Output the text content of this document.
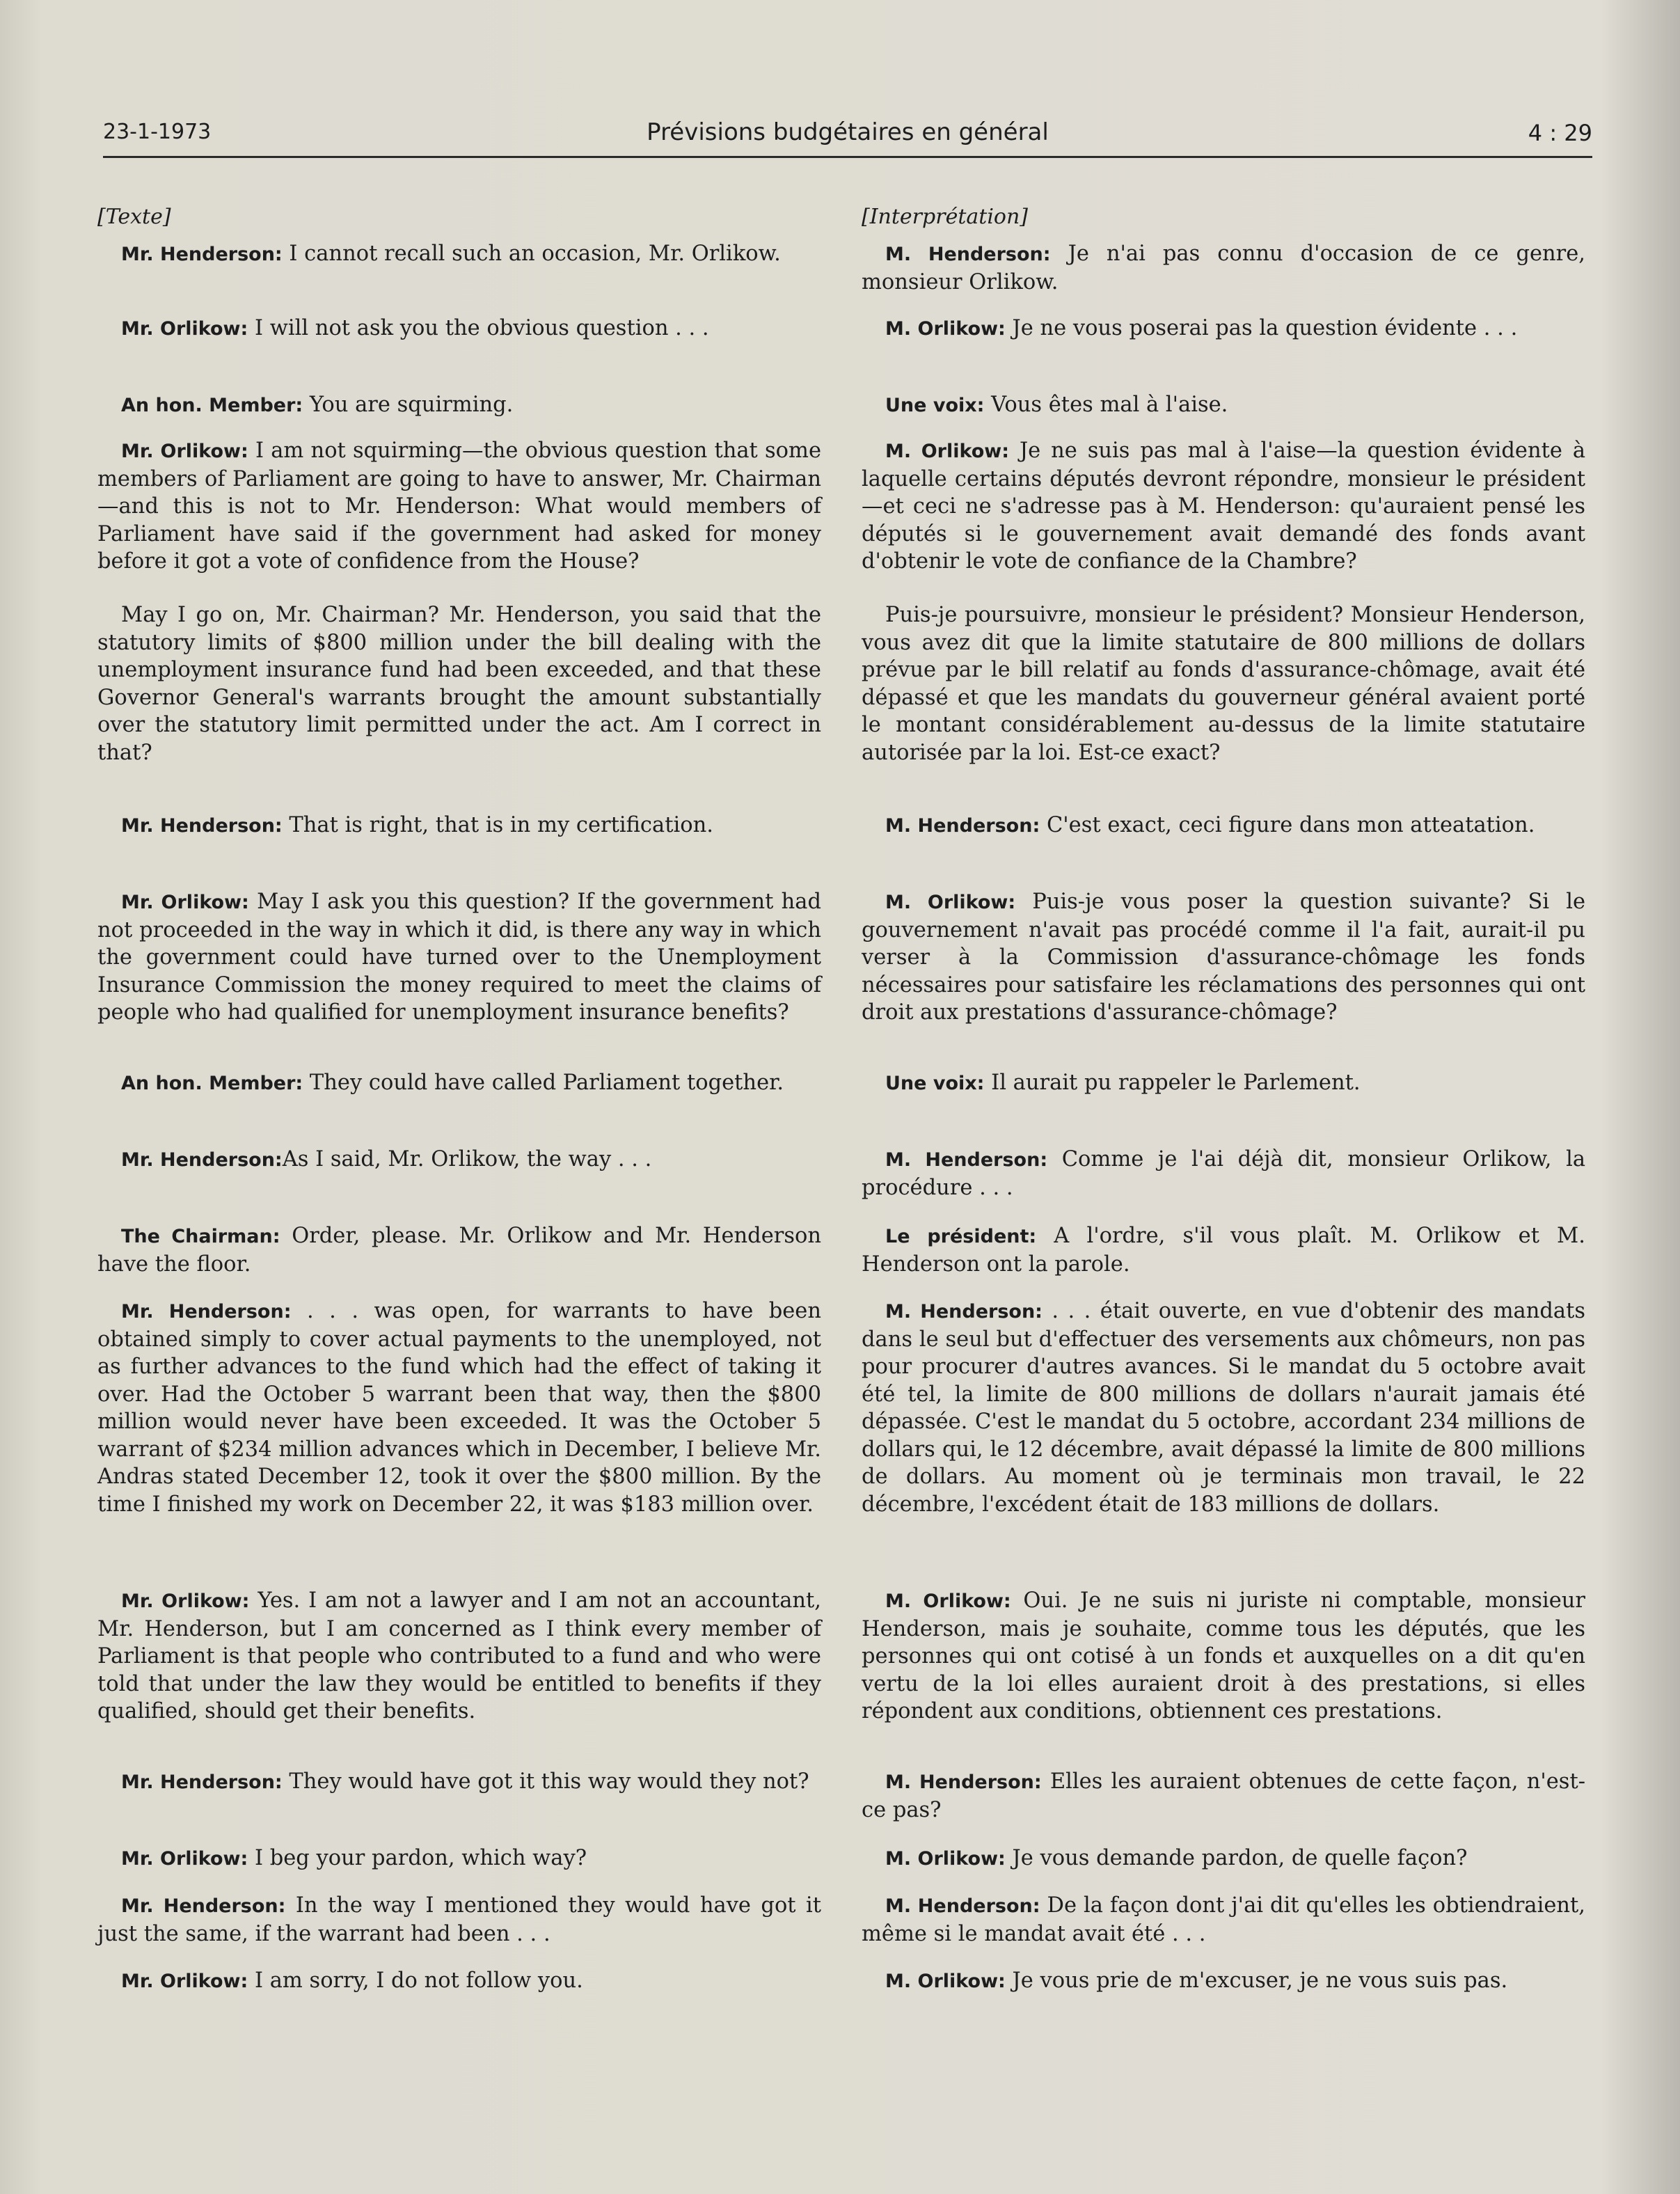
23-1-1973	Prévisions budgétaires en général	4 : 29

[Texte]

Mr. Henderson: I cannot recall such an occasion, Mr. Orlikow.

Mr. Orlikow: I will not ask you the obvious question . . .

An hon. Member: You are squirming.

Mr. Orlikow: I am not squirming—the obvious question that some members of Parliament are going to have to answer, Mr. Chairman—and this is not to Mr. Henderson: What would members of Parliament have said if the government had asked for money before it got a vote of confidence from the House?

May I go on, Mr. Chairman? Mr. Henderson, you said that the statutory limits of $800 million under the bill dealing with the unemployment insurance fund had been exceeded, and that these Governor General's warrants brought the amount substantially over the statutory limit permitted under the act. Am I correct in that?

Mr. Henderson: That is right, that is in my certification.

Mr. Orlikow: May I ask you this question? If the government had not proceeded in the way in which it did, is there any way in which the government could have turned over to the Unemployment Insurance Commission the money required to meet the claims of people who had qualified for unemployment insurance benefits?

An hon. Member: They could have called Parliament together.

Mr. Henderson:As I said, Mr. Orlikow, the way . . .

The Chairman: Order, please. Mr. Orlikow and Mr. Henderson have the floor.

Mr. Henderson: . . . was open, for warrants to have been obtained simply to cover actual payments to the unemployed, not as further advances to the fund which had the effect of taking it over. Had the October 5 warrant been that way, then the $800 million would never have been exceeded. It was the October 5 warrant of $234 million advances which in December, I believe Mr. Andras stated December 12, took it over the $800 million. By the time I finished my work on December 22, it was $183 million over.

Mr. Orlikow: Yes. I am not a lawyer and I am not an accountant, Mr. Henderson, but I am concerned as I think every member of Parliament is that people who contributed to a fund and who were told that under the law they would be entitled to benefits if they qualified, should get their benefits.

Mr. Henderson: They would have got it this way would they not?

Mr. Orlikow: I beg your pardon, which way?

Mr. Henderson: In the way I mentioned they would have got it just the same, if the warrant had been . . .

Mr. Orlikow: I am sorry, I do not follow you.

[Interprétation]

M. Henderson: Je n'ai pas connu d'occasion de ce genre, monsieur Orlikow.

M. Orlikow: Je ne vous poserai pas la question évidente . . .

Une voix: Vous êtes mal à l'aise.

M. Orlikow: Je ne suis pas mal à l'aise—la question évidente à laquelle certains députés devront répondre, monsieur le président—et ceci ne s'adresse pas à M. Henderson: qu'auraient pensé les députés si le gouvernement avait demandé des fonds avant d'obtenir le vote de confiance de la Chambre?

Puis-je poursuivre, monsieur le président? Monsieur Henderson, vous avez dit que la limite statutaire de 800 millions de dollars prévue par le bill relatif au fonds d'assurance-chômage, avait été dépassé et que les mandats du gouverneur général avaient porté le montant considérablement au-dessus de la limite statutaire autorisée par la loi. Est-ce exact?

M. Henderson: C'est exact, ceci figure dans mon atteatation.

M. Orlikow: Puis-je vous poser la question suivante? Si le gouvernement n'avait pas procédé comme il l'a fait, aurait-il pu verser à la Commission d'assurance-chômage les fonds nécessaires pour satisfaire les réclamations des personnes qui ont droit aux prestations d'assurance-chômage?

Une voix: Il aurait pu rappeler le Parlement.

M. Henderson: Comme je l'ai déjà dit, monsieur Orlikow, la procédure . . .

Le président: A l'ordre, s'il vous plaît. M. Orlikow et M. Henderson ont la parole.

M. Henderson: . . . était ouverte, en vue d'obtenir des mandats dans le seul but d'effectuer des versements aux chômeurs, non pas pour procurer d'autres avances. Si le mandat du 5 octobre avait été tel, la limite de 800 millions de dollars n'aurait jamais été dépassée. C'est le mandat du 5 octobre, accordant 234 millions de dollars qui, le 12 décembre, avait dépassé la limite de 800 millions de dollars. Au moment où je terminais mon travail, le 22 décembre, l'excédent était de 183 millions de dollars.

M. Orlikow: Oui. Je ne suis ni juriste ni comptable, monsieur Henderson, mais je souhaite, comme tous les députés, que les personnes qui ont cotisé à un fonds et auxquelles on a dit qu'en vertu de la loi elles auraient droit à des prestations, si elles répondent aux conditions, obtiennent ces prestations.

M. Henderson: Elles les auraient obtenues de cette façon, n'est-ce pas?

M. Orlikow: Je vous demande pardon, de quelle façon?

M. Henderson: De la façon dont j'ai dit qu'elles les obtiendraient, même si le mandat avait été . . .

M. Orlikow: Je vous prie de m'excuser, je ne vous suis pas.
